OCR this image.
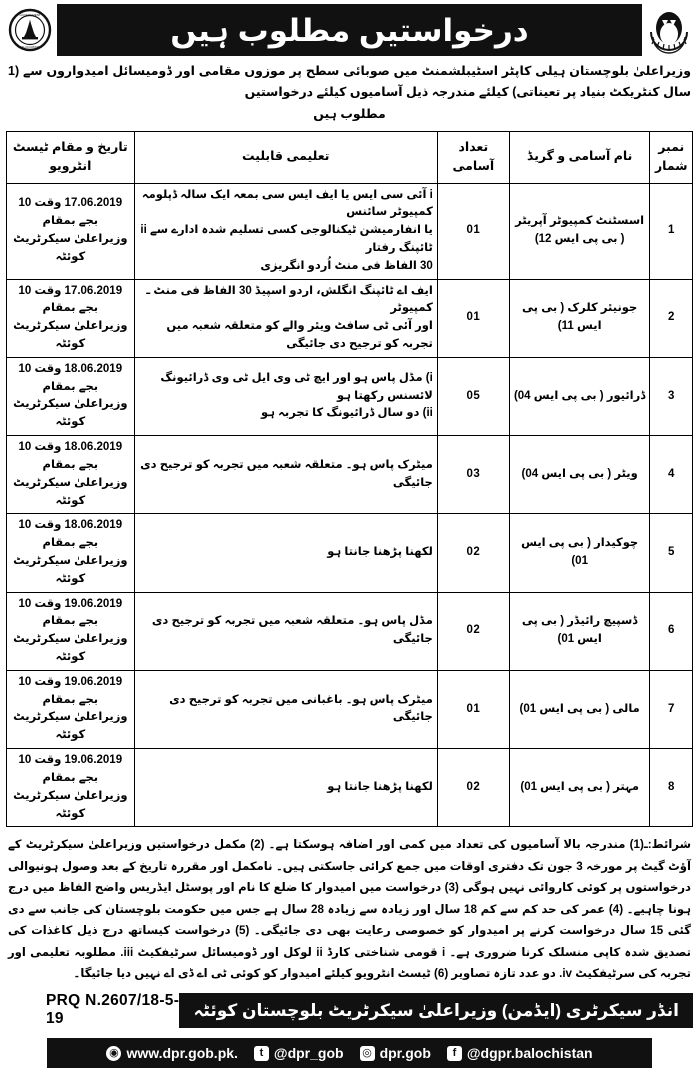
درخواستیں مطلوب ہیں
GOVERNMENT
BALOCHISTAN
وزیراعلیٰ بلوچستان ہیلی کاپٹر اسٹیبلشمنٹ میں صوبائی سطح پر موزوں مقامی اور ڈومیسائل امیدواروں سے (1 سال کنٹریکٹ بنیاد پر تعیناتی) کیلئے مندرجہ ذیل آسامیوں کیلئے درخواستیں
مطلوب ہیں
نمبر شمار	نام آسامی و گریڈ	تعداد آسامی	تعلیمی قابلیت	تاریخ و مقام ٹیسٹ انٹرویو
1	اسسٹنٹ کمپیوٹر آپریٹر
( بی پی ایس 12)	01	i آئی سی ایس یا ایف ایس سی بمعہ ایک سالہ ڈپلومہ کمپیوٹر سائنس
یا انفارمیشن ٹیکنالوجی کسی تسلیم شدہ ادارے سے ii ٹائپنگ رفتار
30 الفاظ فی منٹ اُردو انگریزی	17.06.2019 وقت 10 بجے بمقام
وزیراعلیٰ سیکرٹریٹ کوئٹہ

2	جونیئر کلرک ( بی پی ایس 11)	01	ایف اے ٹائپنگ انگلش، اردو اسپیڈ 30 الفاظ فی منٹ ـ کمپیوٹر
اور آئی ٹی سافٹ ویئر والے کو متعلقہ شعبہ میں تجربہ کو ترجیح دی جائیگی	17.06.2019 وقت 10 بجے بمقام
وزیراعلیٰ سیکرٹریٹ کوئٹہ

3	ڈرائیور ( بی پی ایس 04)	05	i) مڈل پاس ہو اور ایچ ٹی وی ایل ٹی وی ڈرائیونگ لائسنس رکھتا ہو
ii) دو سال ڈرائیونگ کا تجربہ ہو	18.06.2019 وقت 10 بجے بمقام
وزیراعلیٰ سیکرٹریٹ کوئٹہ

4	ویٹر ( بی پی ایس 04)	03	میٹرک پاس ہو۔ متعلقہ شعبہ میں تجربہ کو ترجیح دی جائیگی	18.06.2019 وقت 10 بجے بمقام
وزیراعلیٰ سیکرٹریٹ کوئٹہ

5	چوکیدار ( بی پی ایس 01)	02	لکھنا پڑھنا جانتا ہو	18.06.2019 وقت 10 بجے بمقام
وزیراعلیٰ سیکرٹریٹ کوئٹہ

6	ڈسپیچ رائیڈر ( بی پی ایس 01)	02	مڈل پاس ہو۔ متعلقہ شعبہ میں تجربہ کو ترجیح دی جائیگی	19.06.2019 وقت 10 بجے بمقام
وزیراعلیٰ سیکرٹریٹ کوئٹہ

7	مالی ( بی پی ایس 01)	01	میٹرک پاس ہو۔ باغبانی میں تجربہ کو ترجیح دی جائیگی	19.06.2019 وقت 10 بجے بمقام
وزیراعلیٰ سیکرٹریٹ کوئٹہ

8	مہتر ( بی پی ایس 01)	02	لکھنا پڑھنا جانتا ہو	19.06.2019 وقت 10 بجے بمقام
وزیراعلیٰ سیکرٹریٹ کوئٹہ
شرائط:ـ(1) مندرجہ بالا آسامیوں کی تعداد میں کمی اور اضافہ ہوسکتا ہے۔ (2) مکمل درخواستیں وزیراعلیٰ سیکرٹریٹ کے آؤٹ گیٹ پر مورخہ 3 جون تک دفتری اوقات میں جمع کرائی جاسکتی ہیں۔ نامکمل اور مقررہ تاریخ کے بعد وصول ہونیوالی درخواستوں پر کوئی کاروائی نہیں ہوگی (3) درخواست میں امیدوار کا ضلع کا نام اور پوسٹل ایڈریس واضح الفاظ میں درج ہونا چاہیے۔ (4) عمر کی حد کم سے کم 18 سال اور زیادہ سے زیادہ 28 سال ہے جس میں حکومت بلوچستان کی جانب سے دی گئی 15 سال درخواست کرنے پر امیدوار کو خصوصی رعایت بھی دی جائیگی۔ (5) درخواست کیساتھ درج ذیل کاغذات کی تصدیق شدہ کاپی منسلک کرنا ضروری ہے۔ i قومی شناختی کارڈ ii لوکل اور ڈومیسائل سرٹیفکیٹ iii. مطلوبہ تعلیمی اور تجربہ کی سرٹیفکیٹ iv. دو عدد تازہ تصاویر (6) ٹیسٹ انٹرویو کیلئے امیدوار کو کوئی ٹی اے ڈی اے نہیں دیا جائیگا۔
انڈر سیکرٹری (ایڈمن) وزیراعلیٰ سیکرٹریٹ بلوچستان کوئٹہ
PRQ N.2607/18-5-19
◉ www.dpr.gob.pk.	t @dpr_gob ◎ dpr.gob	f @dgpr.balochistan
